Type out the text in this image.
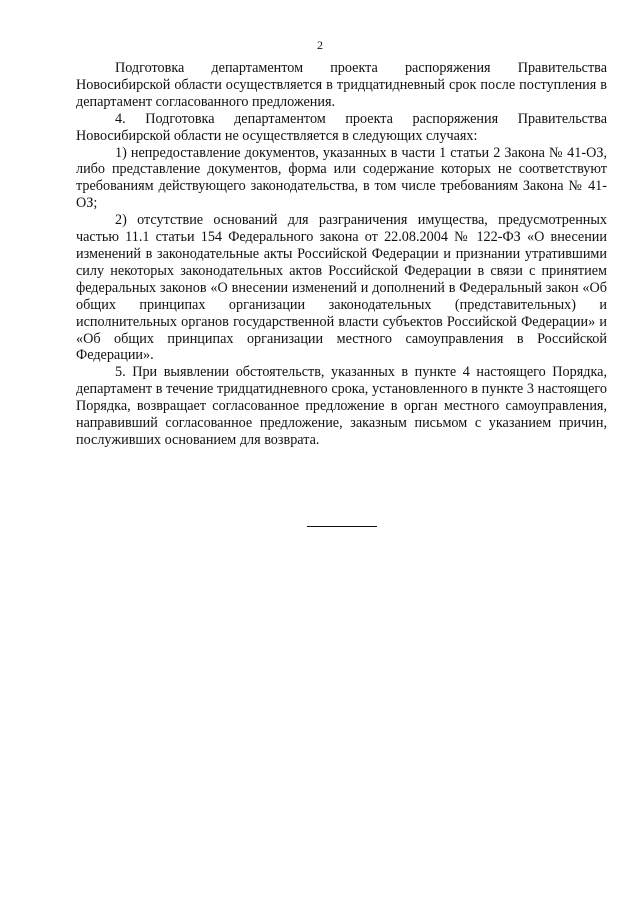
2

Подготовка департаментом проекта распоряжения Правительства Новосибирской области осуществляется в тридцатидневный срок после поступления в департамент согласованного предложения.

4. Подготовка департаментом проекта распоряжения Правительства Новосибирской области не осуществляется в следующих случаях:

1) непредоставление документов, указанных в части 1 статьи 2 Закона № 41-ОЗ, либо представление документов, форма или содержание которых не соответствуют требованиям действующего законодательства, в том числе требованиям Закона № 41-ОЗ;

2) отсутствие оснований для разграничения имущества, предусмотренных частью 11.1 статьи 154 Федерального закона от 22.08.2004 № 122-ФЗ «О внесении изменений в законодательные акты Российской Федерации и признании утратившими силу некоторых законодательных актов Российской Федерации в связи с принятием федеральных законов «О внесении изменений и дополнений в Федеральный закон «Об общих принципах организации законодательных (представительных) и исполнительных органов государственной власти субъектов Российской Федерации» и «Об общих принципах организации местного самоуправления в Российской Федерации».

5. При выявлении обстоятельств, указанных в пункте 4 настоящего Порядка, департамент в течение тридцатидневного срока, установленного в пункте 3 настоящего Порядка, возвращает согласованное предложение в орган местного самоуправления, направивший согласованное предложение, заказным письмом с указанием причин, послуживших основанием для возврата.
